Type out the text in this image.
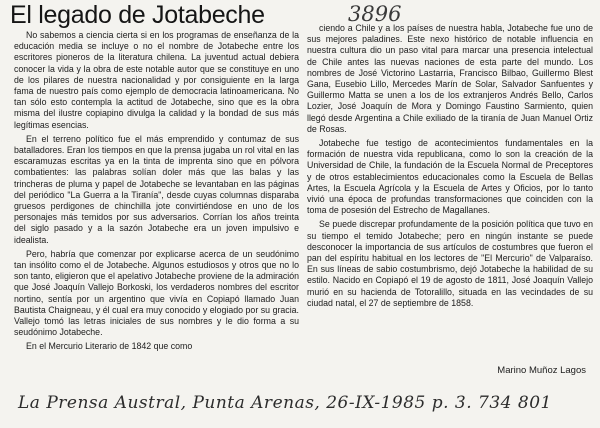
El legado de Jotabeche	3896

No sabemos a ciencia cierta si en los programas de enseñanza de la educación media se incluye o no el nombre de Jotabeche entre los escritores pioneros de la literatura chilena. La juventud actual debiera conocer la vida y la obra de este notable autor que se constituye en uno de los pilares de nuestra nacionalidad y por consiguiente en la larga fama de nuestro país como ejemplo de democracia latinoamericana. No tan sólo esto contempla la actitud de Jotabeche, sino que es la obra misma del ilustre copiapino divulga la calidad y la bondad de sus más legítimas esencias.

En el terreno político fue el más emprendido y contumaz de sus batalladores. Eran los tiempos en que la prensa jugaba un rol vital en las escaramuzas escritas ya en la tinta de imprenta sino que en pólvora combatientes: las palabras solían doler más que las balas y las trincheras de pluma y papel de Jotabeche se levantaban en las páginas del periódico "La Guerra a la Tiranía", desde cuyas columnas disparaba gruesos perdigones de chinchilla jote convirtiéndose en uno de los personajes más temidos por sus adversarios. Corrían los años treinta del siglo pasado y a la sazón Jotabeche era un joven impulsivo e idealista.

Pero, habría que comenzar por explicarse acerca de un seudónimo tan insólito como el de Jotabeche. Algunos estudiosos y otros que no lo son tanto, eligieron que el apelativo Jotabeche proviene de la admiración que José Joaquín Vallejo Borkoski, los verdaderos nombres del escritor nortino, sentía por un argentino que vivía en Copiapó llamado Juan Bautista Chaigneau, y él cual era muy conocido y elogiado por su gracia. Vallejo tomó las letras iniciales de sus nombres y le dio forma a su seudónimo Jotabeche.

En el Mercurio Literario de 1842 que como

ciendo a Chile y a los países de nuestra habla, Jotabeche fue uno de sus mejores paladines. Este nexo histórico de notable influencia en nuestra cultura dio un paso vital para marcar una presencia intelectual de Chile antes las nuevas naciones de esta parte del mundo. Los nombres de José Victorino Lastarria, Francisco Bilbao, Guillermo Blest Gana, Eusebio Lillo, Mercedes Marín de Solar, Salvador Sanfuentes y Guillermo Matta se unen a los de los extranjeros Andrés Bello, Carlos Lozier, José Joaquín de Mora y Domingo Faustino Sarmiento, quien llegó desde Argentina a Chile exiliado de la tiranía de Juan Manuel Ortiz de Rosas.

Jotabeche fue testigo de acontecimientos fundamentales en la formación de nuestra vida republicana, como lo son la creación de la Universidad de Chile, la fundación de la Escuela Normal de Preceptores y de otros establecimientos educacionales como la Escuela de Bellas Artes, la Escuela Agrícola y la Escuela de Artes y Oficios, por lo tanto vivió una época de profundas transformaciones que coinciden con la toma de posesión del Estrecho de Magallanes.

Se puede discrepar profundamente de la posición política que tuvo en su tiempo el temido Jotabeche; pero en ningún instante se puede desconocer la importancia de sus artículos de costumbres que fueron el pan del espíritu habitual en los lectores de "El Mercurio" de Valparaíso. En sus líneas de sabio costumbrismo, dejó Jotabeche la habilidad de su estilo. Nacido en Copiapó el 19 de agosto de 1811, José Joaquín Vallejo murió en su hacienda de Totoralillo, situada en las vecindades de su ciudad natal, el 27 de septiembre de 1858.

Marino Muñoz Lagos
La Prensa Austral, Punta Arenas, 26-IX-1985 p. 3. 734 801
